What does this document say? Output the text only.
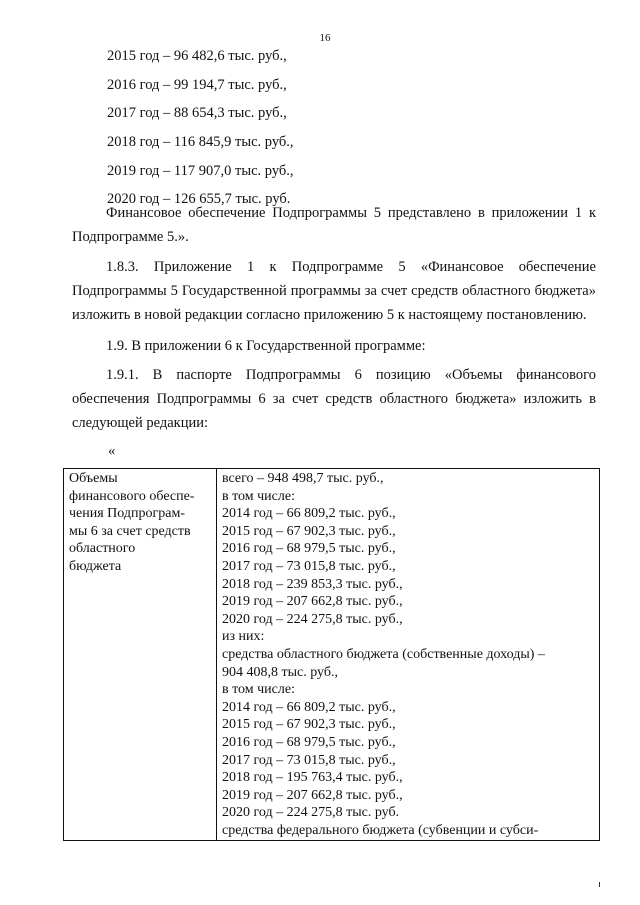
16
2015 год – 96 482,6 тыс. руб.,
2016 год – 99 194,7 тыс. руб.,
2017 год – 88 654,3 тыс. руб.,
2018 год – 116 845,9 тыс. руб.,
2019 год – 117 907,0 тыс. руб.,
2020 год – 126 655,7 тыс. руб.
Финансовое обеспечение Подпрограммы 5 представлено в приложении 1 к Подпрограмме 5.».
1.8.3. Приложение 1 к Подпрограмме 5 «Финансовое обеспечение Подпрограммы 5 Государственной программы за счет средств областного бюджета» изложить в новой редакции согласно приложению 5 к настоящему постановлению.
1.9. В приложении 6 к Государственной программе:
1.9.1. В паспорте Подпрограммы 6 позицию «Объемы финансового обеспечения Подпрограммы 6 за счет средств областного бюджета» изложить в следующей редакции:
«
Объемы
финансового обеспе-
чения Подпрограм-
мы 6 за счет средств
областного
бюджета

всего – 948 498,7 тыс. руб.,
в том числе:
2014 год – 66 809,2 тыс. руб.,
2015 год – 67 902,3 тыс. руб.,
2016 год – 68 979,5 тыс. руб.,
2017 год – 73 015,8 тыс. руб.,
2018 год – 239 853,3 тыс. руб.,
2019 год – 207 662,8 тыс. руб.,
2020 год – 224 275,8 тыс. руб.,
из них:
средства областного бюджета (собственные доходы) –
904 408,8 тыс. руб.,
в том числе:
2014 год – 66 809,2 тыс. руб.,
2015 год – 67 902,3 тыс. руб.,
2016 год – 68 979,5 тыс. руб.,
2017 год – 73 015,8 тыс. руб.,
2018 год – 195 763,4 тыс. руб.,
2019 год – 207 662,8 тыс. руб.,
2020 год – 224 275,8 тыс. руб.
средства федерального бюджета (субвенции и субси-
